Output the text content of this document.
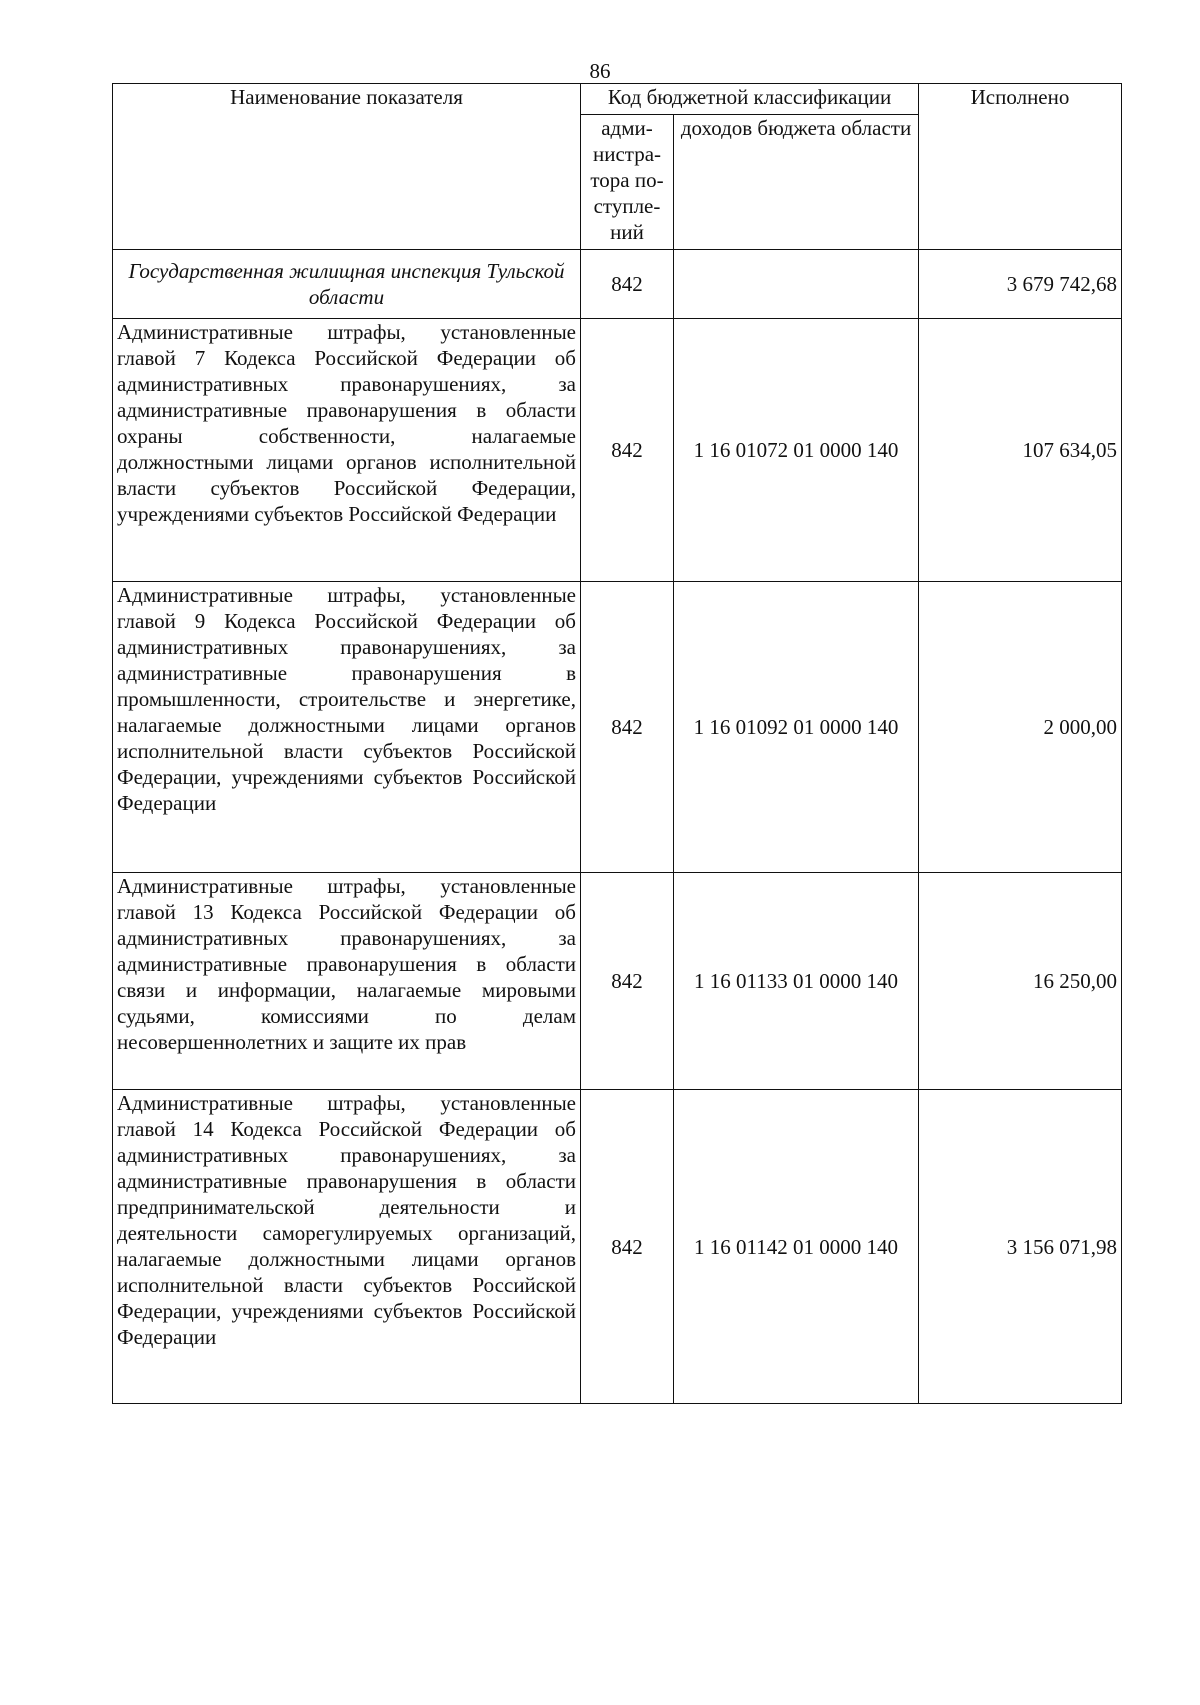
86
Наименование показателя	Код бюджетной классификации		Исполнено
	адми-нистра-тора по-ступле-ний	доходов бюджета области	
Государственная жилищная инспекция Тульской области	842		3 679 742,68
Административные штрафы, установленные главой 7 Кодекса Российской Федерации об административных правонарушениях, за административные правонарушения в области охраны собственности, налагаемые должностными лицами органов исполнительной власти субъектов Российской Федерации, учреждениями субъектов Российской Федерации	842	1 16 01072 01 0000 140	107 634,05
Административные штрафы, установленные главой 9 Кодекса Российской Федерации об административных правонарушениях, за административные правонарушения в промышленности, строительстве и энергетике, налагаемые должностными лицами органов исполнительной власти субъектов Российской Федерации, учреждениями субъектов Российской Федерации	842	1 16 01092 01 0000 140	2 000,00
Административные штрафы, установленные главой 13 Кодекса Российской Федерации об административных правонарушениях, за административные правонарушения в области связи и информации, налагаемые мировыми судьями, комиссиями по делам несовершеннолетних и защите их прав	842	1 16 01133 01 0000 140	16 250,00
Административные штрафы, установленные главой 14 Кодекса Российской Федерации об административных правонарушениях, за административные правонарушения в области предпринимательской деятельности и деятельности саморегулируемых организаций, налагаемые должностными лицами органов исполнительной власти субъектов Российской Федерации, учреждениями субъектов Российской Федерации	842	1 16 01142 01 0000 140	3 156 071,98
